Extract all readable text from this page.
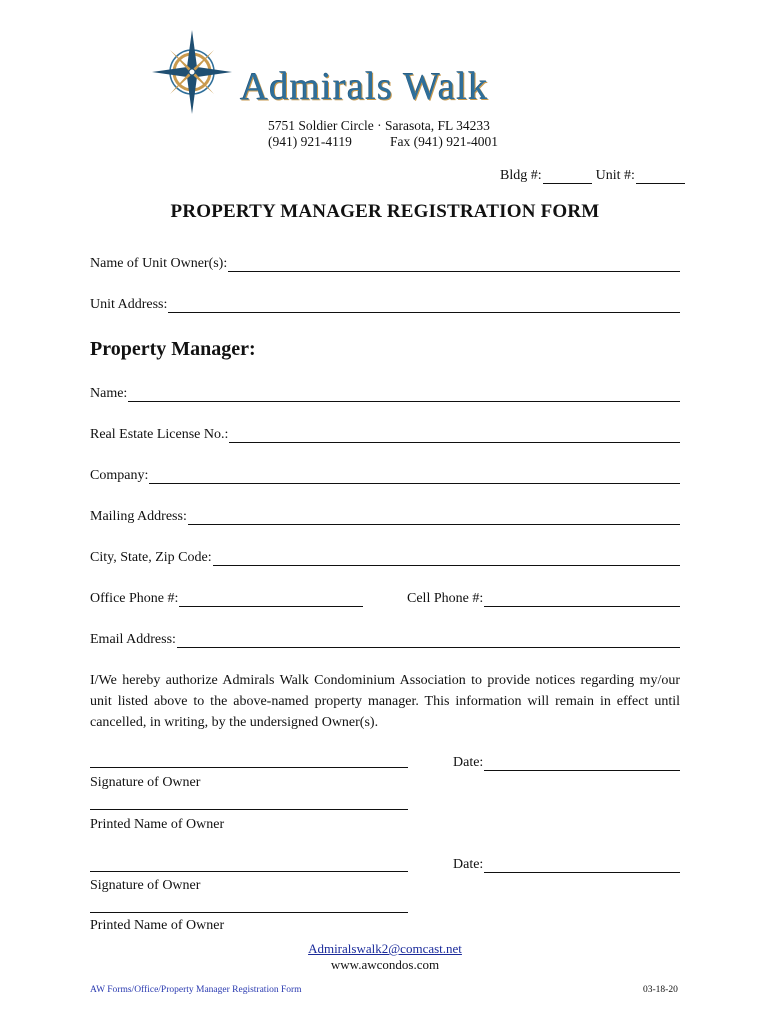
Admirals Walk
5751 Soldier Circle · Sarasota, FL 34233
(941) 921-4119	Fax (941) 921-4001
Bldg #:	Unit #:
PROPERTY MANAGER REGISTRATION FORM
Name of Unit Owner(s):
Unit Address:
Property Manager:
Name:
Real Estate License No.:
Company:
Mailing Address:
City, State, Zip Code:
Office Phone #:	Cell Phone #:
Email Address:
I/We hereby authorize Admirals Walk Condominium Association to provide notices regarding my/our unit listed above to the above-named property manager. This information will remain in effect until cancelled, in writing, by the undersigned Owner(s).
Date:
Signature of Owner
Printed Name of Owner
Date:
Signature of Owner
Printed Name of Owner
Admiralswalk2@comcast.net
www.awcondos.com
AW Forms/Office/Property Manager Registration Form	03-18-20
